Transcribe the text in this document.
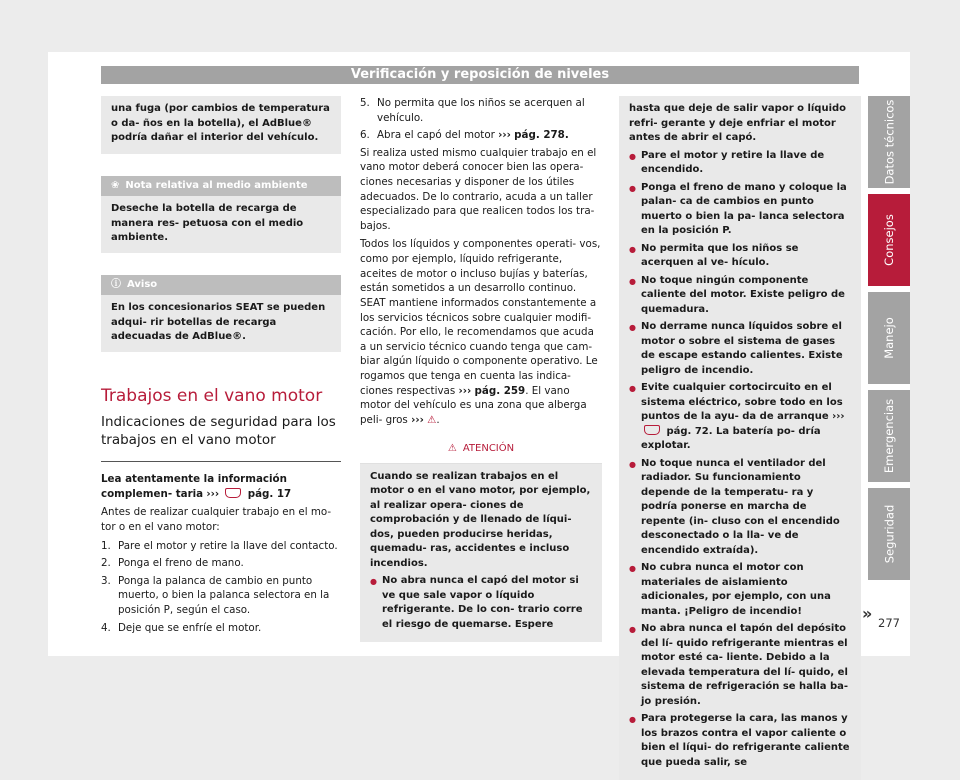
Verificación y reposición de niveles

una fuga (por cambios de temperatura o da- ños en la botella), el AdBlue® podría dañar el interior del vehículo.

❀ Nota relativa al medio ambiente

Deseche la botella de recarga de manera res- petuosa con el medio ambiente.

ⓘ Aviso

En los concesionarios SEAT se pueden adqui- rir botellas de recarga adecuadas de AdBlue®.

Trabajos en el vano motor
Indicaciones de seguridad para los trabajos en el vano motor

Lea atentamente la información complemen- taria ›››	pág. 17

Antes de realizar cualquier trabajo en el mo- tor o en el vano motor:

1. Pare el motor y retire la llave del contacto.
2. Ponga el freno de mano.
3. Ponga la palanca de cambio en punto muerto, o bien la palanca selectora en la posición P, según el caso.
4. Deje que se enfríe el motor.
5. No permita que los niños se acerquen al vehículo.
6. Abra el capó del motor ››› pág. 278.

Si realiza usted mismo cualquier trabajo en el vano motor deberá conocer bien las opera- ciones necesarias y disponer de los útiles adecuados. De lo contrario, acuda a un taller especializado para que realicen todos los tra- bajos.

Todos los líquidos y componentes operati- vos, como por ejemplo, líquido refrigerante, aceites de motor o incluso bujías y baterías, están sometidos a un desarrollo continuo. SEAT mantiene informados constantemente a los servicios técnicos sobre cualquier modifi- cación. Por ello, le recomendamos que acuda a un servicio técnico cuando tenga que cam- biar algún líquido o componente operativo. Le rogamos que tenga en cuenta las indica- ciones respectivas ››› pág. 259. El vano motor del vehículo es una zona que alberga peli- gros ››› ⚠.

⚠ ATENCIÓN

Cuando se realizan trabajos en el motor o en el vano motor, por ejemplo, al realizar opera- ciones de comprobación y de llenado de líqui- dos, pueden producirse heridas, quemadu- ras, accidentes e incluso incendios.

● No abra nunca el capó del motor si ve que sale vapor o líquido refrigerante. De lo con- trario corre el riesgo de quemarse. Espere

hasta que deje de salir vapor o líquido refri- gerante y deje enfriar el motor antes de abrir el capó.

● Pare el motor y retire la llave de encendido.
● Ponga el freno de mano y coloque la palan- ca de cambios en punto muerto o bien la pa- lanca selectora en la posición P.
● No permita que los niños se acerquen al ve- hículo.
● No toque ningún componente caliente del motor. Existe peligro de quemadura.
● No derrame nunca líquidos sobre el motor o sobre el sistema de gases de escape estando calientes. Existe peligro de incendio.
● Evite cualquier cortocircuito en el sistema eléctrico, sobre todo en los puntos de la ayu- da de arranque ›››  pág. 72. La batería po- dría explotar.
● No toque nunca el ventilador del radiador. Su funcionamiento depende de la temperatu- ra y podría ponerse en marcha de repente (in- cluso con el encendido desconectado o la lla- ve de encendido extraída).
● No cubra nunca el motor con materiales de aislamiento adicionales, por ejemplo, con una manta. ¡Peligro de incendio!
● No abra nunca el tapón del depósito del lí- quido refrigerante mientras el motor esté ca- liente. Debido a la elevada temperatura del lí- quido, el sistema de refrigeración se halla ba- jo presión.
● Para protegerse la cara, las manos y los brazos contra el vapor caliente o bien el líqui- do refrigerante caliente que pueda salir, se
Datos técnicos
Consejos
Manejo
Emergencias
Seguridad
» 277
